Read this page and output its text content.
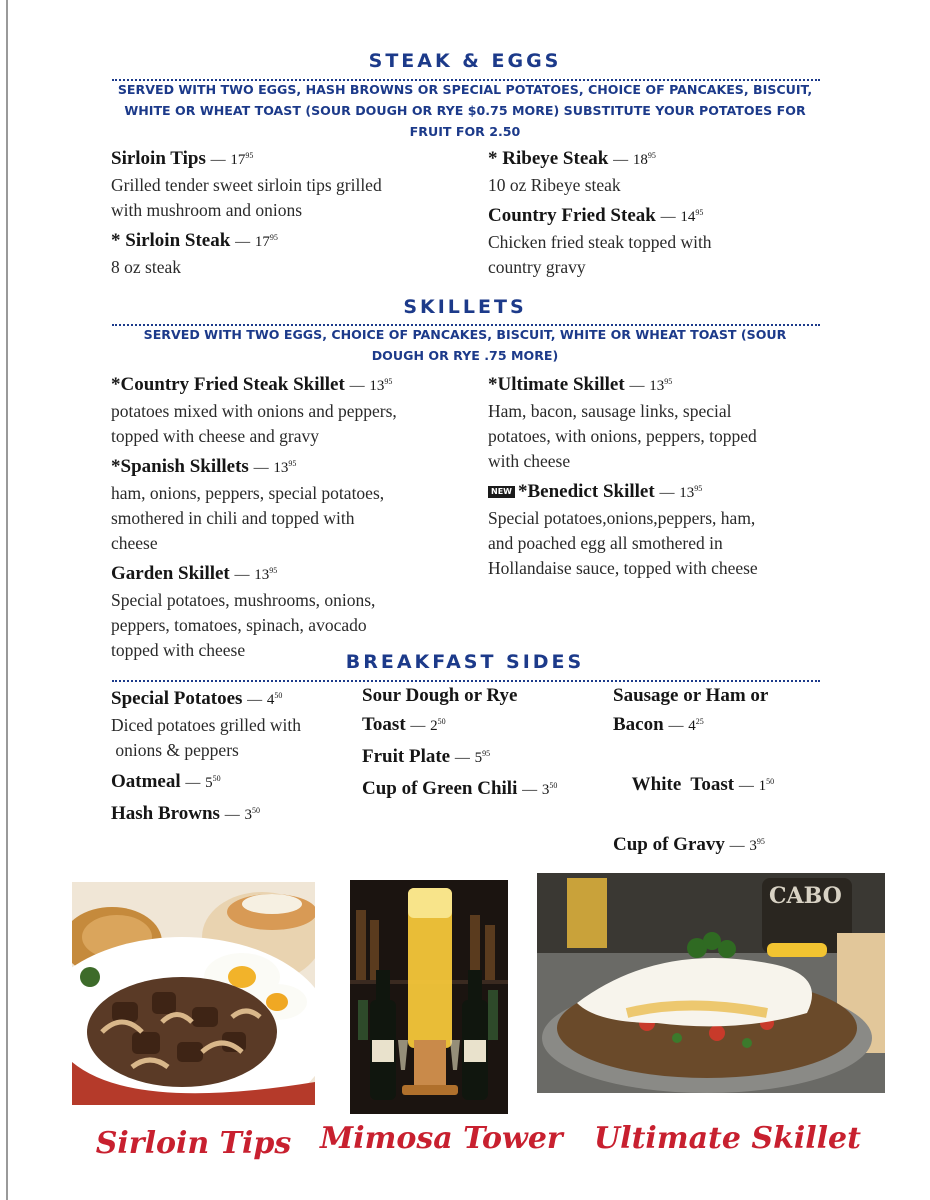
STEAK & EGGS
SERVED WITH TWO EGGS, HASH BROWNS OR SPECIAL POTATOES, CHOICE OF PANCAKES, BISCUIT,
WHITE OR WHEAT TOAST (SOUR DOUGH OR RYE $0.75 MORE) SUBSTITUTE YOUR POTATOES FOR
FRUIT FOR 2.50
Sirloin Tips — $17^{95}$
Grilled tender sweet sirloin tips grilled
with mushroom and onions
* Sirloin Steak — $17^{95}$
8 oz steak
* Ribeye Steak — $18^{95}$
10 oz Ribeye steak
Country Fried Steak — $14^{95}$
Chicken fried steak topped with
country gravy
SKILLETS
SERVED WITH TWO EGGS, CHOICE OF PANCAKES, BISCUIT, WHITE OR WHEAT TOAST (SOUR
DOUGH OR RYE .75 MORE)
*Country Fried Steak Skillet — $13^{95}$
potatoes mixed with onions and peppers,
topped with cheese and gravy
*Spanish Skillets — $13^{95}$
ham, onions, peppers, special potatoes,
smothered in chili and topped with
cheese
Garden Skillet — $13^{95}$
Special potatoes, mushrooms, onions,
peppers, tomatoes, spinach, avocado
topped with cheese
*Ultimate Skillet — $13^{95}$
Ham, bacon, sausage links, special
potatoes, with onions, peppers, topped
with cheese
NEW *Benedict Skillet — $13^{95}$
Special potatoes,onions,peppers, ham,
and poached egg all smothered in
Hollandaise sauce, topped with cheese
BREAKFAST SIDES
Special Potatoes — $4^{50}$
Diced potatoes grilled with
onions & peppers
Oatmeal — $5^{50}$
Hash Browns — $3^{50}$
Sour Dough or Rye
Toast — $2^{50}$
Fruit Plate — $5^{95}$
Cup of Green Chili — $3^{50}$
Sausage or Ham or
Bacon — $4^{25}$

White  Toast — $1^{50}$

Cup of Gravy — $3^{95}$
CABO
Sirloin Tips Mimosa Tower Ultimate Skillet
